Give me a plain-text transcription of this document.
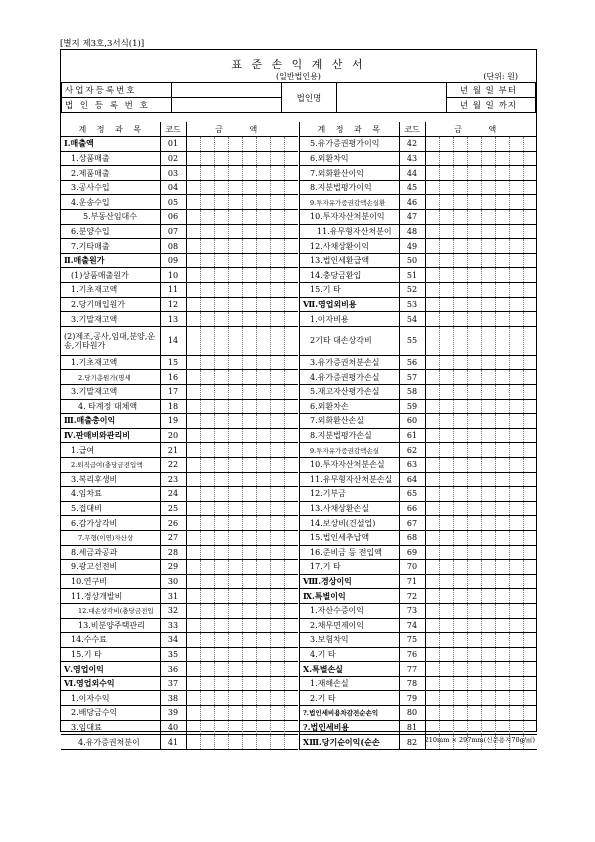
[별지 제3호,3서식(1)]
표 준 손 익 계 산 서
(일반법인용)	(단위: 원)
사업자등록번호		법인명		년 월 일 부터
법 인 등 록 번 호				년 월 일 까지
계 정 과 목	코드	금 액							
Ⅰ.매출액	01								
1.상품매출	02								
2.제품매출	03								
3.공사수입	04								
4.운송수입	05								
5.부동산임대수	06								
6.분양수입	07								
7.기타매출	08								
Ⅱ.매출원가	09								
(1)상품매출원가	10								
1.기초재고액	11								
2.당기매입원가	12								
3.기말재고액	13								
(2)제조,공사,임대,분양,운송,기타원가	14								
1.기초재고액	15								
2.당기총원가(명세	16								
3.기말재고액	17								
4. 타계정 대체액	18								
Ⅲ.매출총이익	19								
Ⅳ.판매비와관리비	20								
1.급여	21								
2.퇴직급여(충당금전입액	22								
3.복리후생비	23								
4.임차료	24								
5.접대비	25								
6.감가상각비	26								
7.무형(이연)자산상	27								
8.세금과공과	28								
9.광고선전비	29								
10.연구비	30								
11.경상개발비	31								
12.대손상각비(충당금전입	32								
13.비분양주택관리	33								
14.수수료	34								
15.기 타	35								
Ⅴ.영업이익	36								
Ⅵ.영업외수익	37								
1.이자수익	38								
2.배당금수익	39								
3.임대료	40								
4.유가증권처분이	41								
계 정 과 목	코드	금 액							
5.유가증권평가이익	42								
6.외환차익	43								
7.외화환산이익	44								
8.지분법평가이익	45								
9.투자유가증권감액손실환	46								
10.투자자산처분이익	47								
11.유무형자산처분이	48								
12.사채상환이익	49								
13.법인세환급액	50								
14.충당금환입	51								
15.기 타	52								
Ⅶ.영업외비용	53								
1.이자비용	54								
2기타 대손상각비	55								
3.유가증권처분손실	56								
4.유가증권평가손실	57								
5.재고자산평가손실	58								
6.외환차손	59								
7.외화환산손실	60								
8.지분법평가손실	61								
9.투자유가증권감액손실	62								
10.투자자산처분손실	63								
11.유무형자산처분손실	64								
12.기부금	65								
13.사채상환손실	66								
14.보상비(건설업)	67								
15.법인세추납액	68								
16.준비금 등 전입액	69								
17.기 타	70								
Ⅷ.경상이익	71								
Ⅸ.특별이익	72								
1.자산수증이익	73								
2.채무면제이익	74								
3.보험차익	75								
4.기 타	76								
Ⅹ.특별손실	77								
1.재해손실	78								
2.기 타	79								
?.법인세비용차감전순손익	80								
?.법인세비용	81								
XⅢ.당기순이익(순손	82								210mm × 297mm(신문용지70g/㎡)
